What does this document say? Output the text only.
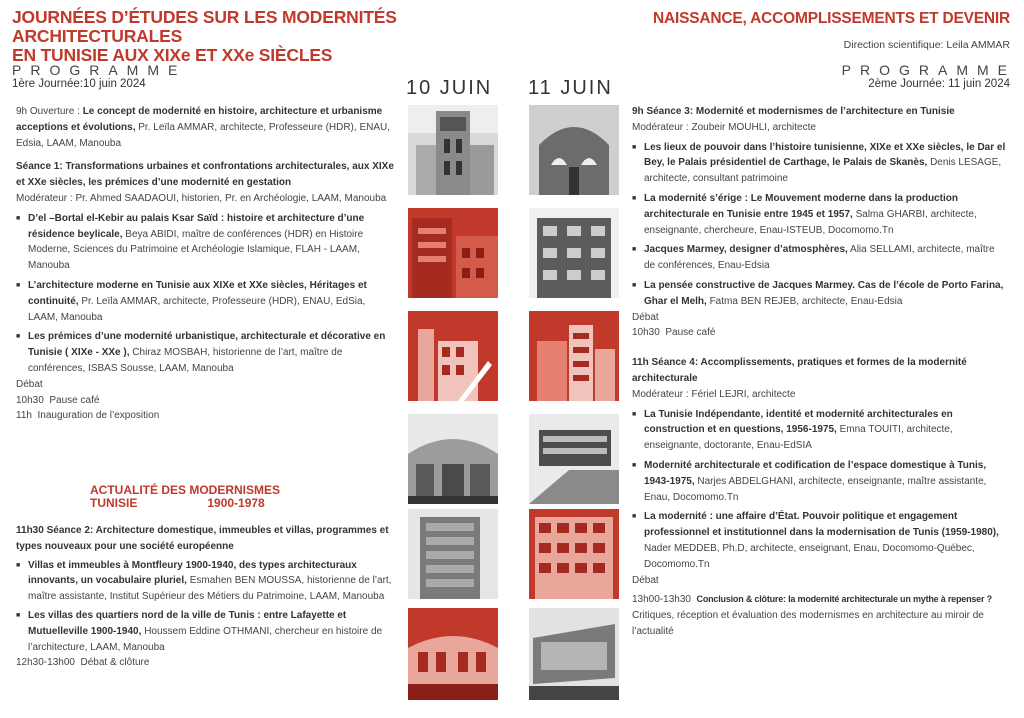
JOURNÉES D’ÉTUDES SUR LES MODERNITÉS ARCHITECTURALES
EN TUNISIE AUX XIXe ET XXe SIÈCLES
PROGRAMME
1ère Journée:10 juin 2024
9h Ouverture : Le concept de modernité en histoire, architecture et urbanisme acceptions et évolutions, Pr. Leïla AMMAR, architecte, Professeure (HDR), ENAU, Edsia, LAAM, Manouba
Séance 1: Transformations urbaines et confrontations architecturales, aux XIXe et XXe siècles, les prémices d’une modernité en gestation
Modérateur : Pr. Ahmed SAADAOUI, historien, Pr. en Archéologie, LAAM, Manouba
■ D’el –Bortal el-Kebir au palais Ksar Saïd : histoire et architecture d’une résidence beylicale, Beya ABIDI, maître de conférences (HDR) en Histoire Moderne, Sciences du Patrimoine et Archéologie Islamique, FLAH - LAAM, Manouba
■ L’architecture moderne en Tunisie aux XIXe et XXe siècles, Héritages et continuité, Pr. Leïla AMMAR, architecte, Professeure (HDR), ENAU, EdSia, LAAM, Manouba
■ Les prémices d’une modernité urbanistique, architecturale et décorative en Tunisie ( XIXe - XXe ), Chiraz MOSBAH, historienne de l’art, maître de conférences, ISBAS Sousse, LAAM, Manouba
Débat
10h30 Pause café
11h Inauguration de l’exposition
ACTUALITÉ DES MODERNISMES
TUNISIE	1900-1978
11h30 Séance 2: Architecture domestique, immeubles et villas, programmes et types nouveaux pour une société européenne
■ Villas et immeubles à Montfleury 1900-1940, des types architecturaux innovants, un vocabulaire pluriel, Esmahen BEN MOUSSA, historienne de l’art, maître assistante, Institut Supérieur des Métiers du Patrimoine, LAAM, Manouba
■ Les villas des quartiers nord de la ville de Tunis : entre Lafayette et Mutuelleville 1900-1940, Houssem Eddine OTHMANI, chercheur en histoire de l’architecture, LAAM, Manouba
12h30-13h00 Débat & clôture
10 JUIN 11 JUIN
NAISSANCE, ACCOMPLISSEMENTS ET DEVENIR
Direction scientifique: Leila AMMAR
PROGRAMME
2ème Journée: 11 juin 2024
9h Séance 3: Modernité et modernismes de l’architecture en Tunisie
Modérateur : Zoubeir MOUHLI, architecte
■ Les lieux de pouvoir dans l’histoire tunisienne, XIXe et XXe siècles, le Dar el Bey, le Palais présidentiel de Carthage, le Palais de Skanès, Denis LESAGE, architecte, consultant patrimoine
■ La modernité s’érige : Le Mouvement moderne dans la production architecturale en Tunisie entre 1945 et 1957, Salma GHARBI, architecte, enseignante, chercheure, Enau-ISTEUB, Docomomo.Tn
■ Jacques Marmey, designer d’atmosphères, Alia SELLAMI, architecte, maître de conférences, Enau-Edsia
■ La pensée constructive de Jacques Marmey. Cas de l’école de Porto Farina, Ghar el Melh, Fatma BEN REJEB, architecte, Enau-Edsia
Débat
10h30 Pause café
11h Séance 4: Accomplissements, pratiques et formes de la modernité architecturale
Modérateur : Fériel LEJRI, architecte
■ La Tunisie Indépendante, identité et modernité architecturales en construction et en questions, 1956-1975, Emna TOUITI, architecte, enseignante, doctorante, Enau-EdSIA
■ Modernité architecturale et codification de l’espace domestique à Tunis, 1943-1975, Narjes ABDELGHANI, architecte, enseignante, maître assistante, Enau, Docomomo.Tn
■ La modernité : une affaire d’État. Pouvoir politique et engagement professionnel et institutionnel dans la modernisation de Tunis (1959-1980), Nader MEDDEB, Ph.D, architecte, enseignant, Enau, Docomomo-Québec, Docomomo.Tn
Débat
13h00-13h30 Conclusion & clôture: la modernité architecturale un mythe à repenser ?
Critiques, réception et évaluation des modernismes en architecture au miroir de l’actualité
